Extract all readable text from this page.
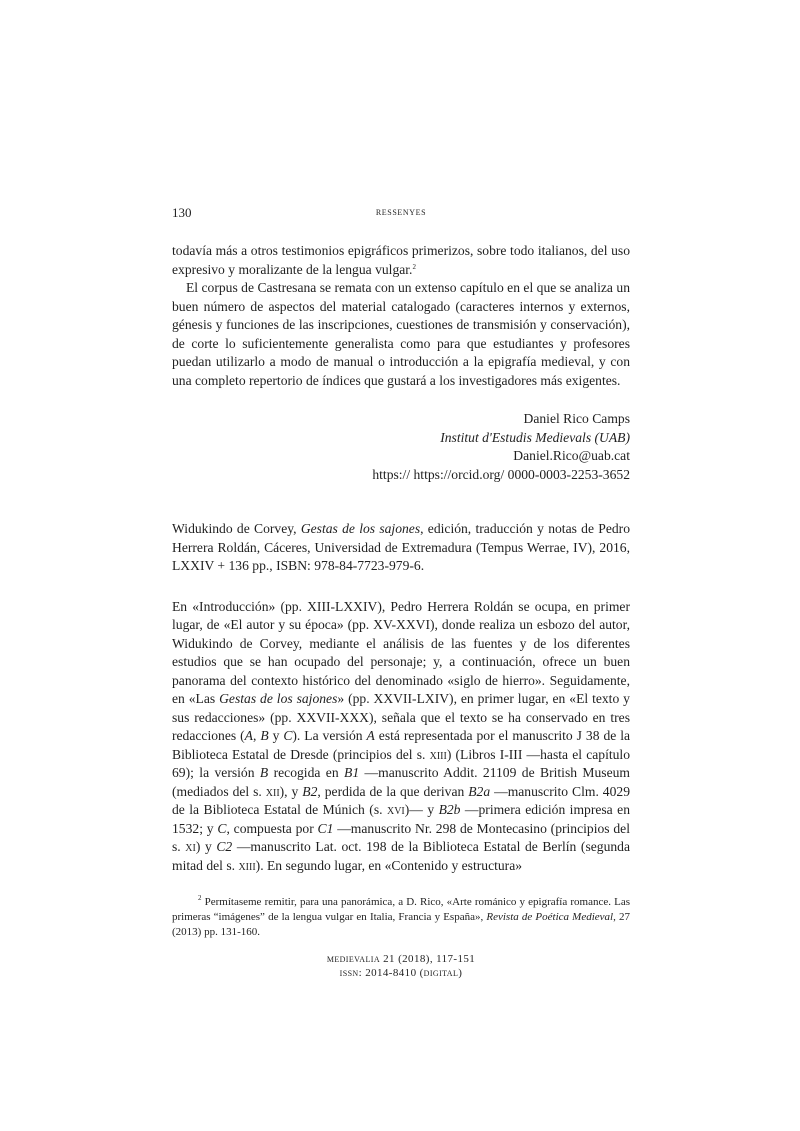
130	ressenyes

todavía más a otros testimonios epigráficos primerizos, sobre todo italianos, del uso expresivo y moralizante de la lengua vulgar.$^2$

El corpus de Castresana se remata con un extenso capítulo en el que se analiza un buen número de aspectos del material catalogado (caracteres internos y externos, génesis y funciones de las inscripciones, cuestiones de transmisión y conservación), de corte lo suficientemente generalista como para que estudiantes y profesores puedan utilizarlo a modo de manual o introducción a la epigrafía medieval, y con una completo repertorio de índices que gustará a los investigadores más exigentes.

Daniel Rico Camps
Institut d'Estudis Medievals (UAB)
Daniel.Rico@uab.cat
https:// https://orcid.org/ 0000-0003-2253-3652

Widukindo de Corvey, Gestas de los sajones, edición, traducción y notas de Pedro Herrera Roldán, Cáceres, Universidad de Extremadura (Tempus Werrae, IV), 2016, LXXIV + 136 pp., ISBN: 978-84-7723-979-6.

En «Introducción» (pp. XIII-LXXIV), Pedro Herrera Roldán se ocupa, en primer lugar, de «El autor y su época» (pp. XV-XXVI), donde realiza un esbozo del autor, Widukindo de Corvey, mediante el análisis de las fuentes y de los diferentes estudios que se han ocupado del personaje; y, a continuación, ofrece un buen panorama del contexto histórico del denominado «siglo de hierro». Seguidamente, en «Las Gestas de los sajones» (pp. XXVII-LXIV), en primer lugar, en «El texto y sus redacciones» (pp. XXVII-XXX), señala que el texto se ha conservado en tres redacciones (A, B y C). La versión A está representada por el manuscrito J 38 de la Biblioteca Estatal de Dresde (principios del s. xiii) (Libros I-III —hasta el capítulo 69); la versión B recogida en B1 —manuscrito Addit. 21109 de British Museum (mediados del s. xii), y B2, perdida de la que derivan B2a —manuscrito Clm. 4029 de la Biblioteca Estatal de Múnich (s. xvi)— y B2b —primera edición impresa en 1532; y C, compuesta por C1 —manuscrito Nr. 298 de Montecasino (principios del s. xi) y C2 —manuscrito Lat. oct. 198 de la Biblioteca Estatal de Berlín (segunda mitad del s. xiii). En segundo lugar, en «Contenido y estructura»

$^2$ Permítaseme remitir, para una panorámica, a D. Rico, «Arte románico y epigrafía romance. Las primeras “imágenes” de la lengua vulgar en Italia, Francia y España», Revista de Poética Medieval, 27 (2013) pp. 131-160.
medievalia 21 (2018), 117-151
issn: 2014-8410 (digital)
